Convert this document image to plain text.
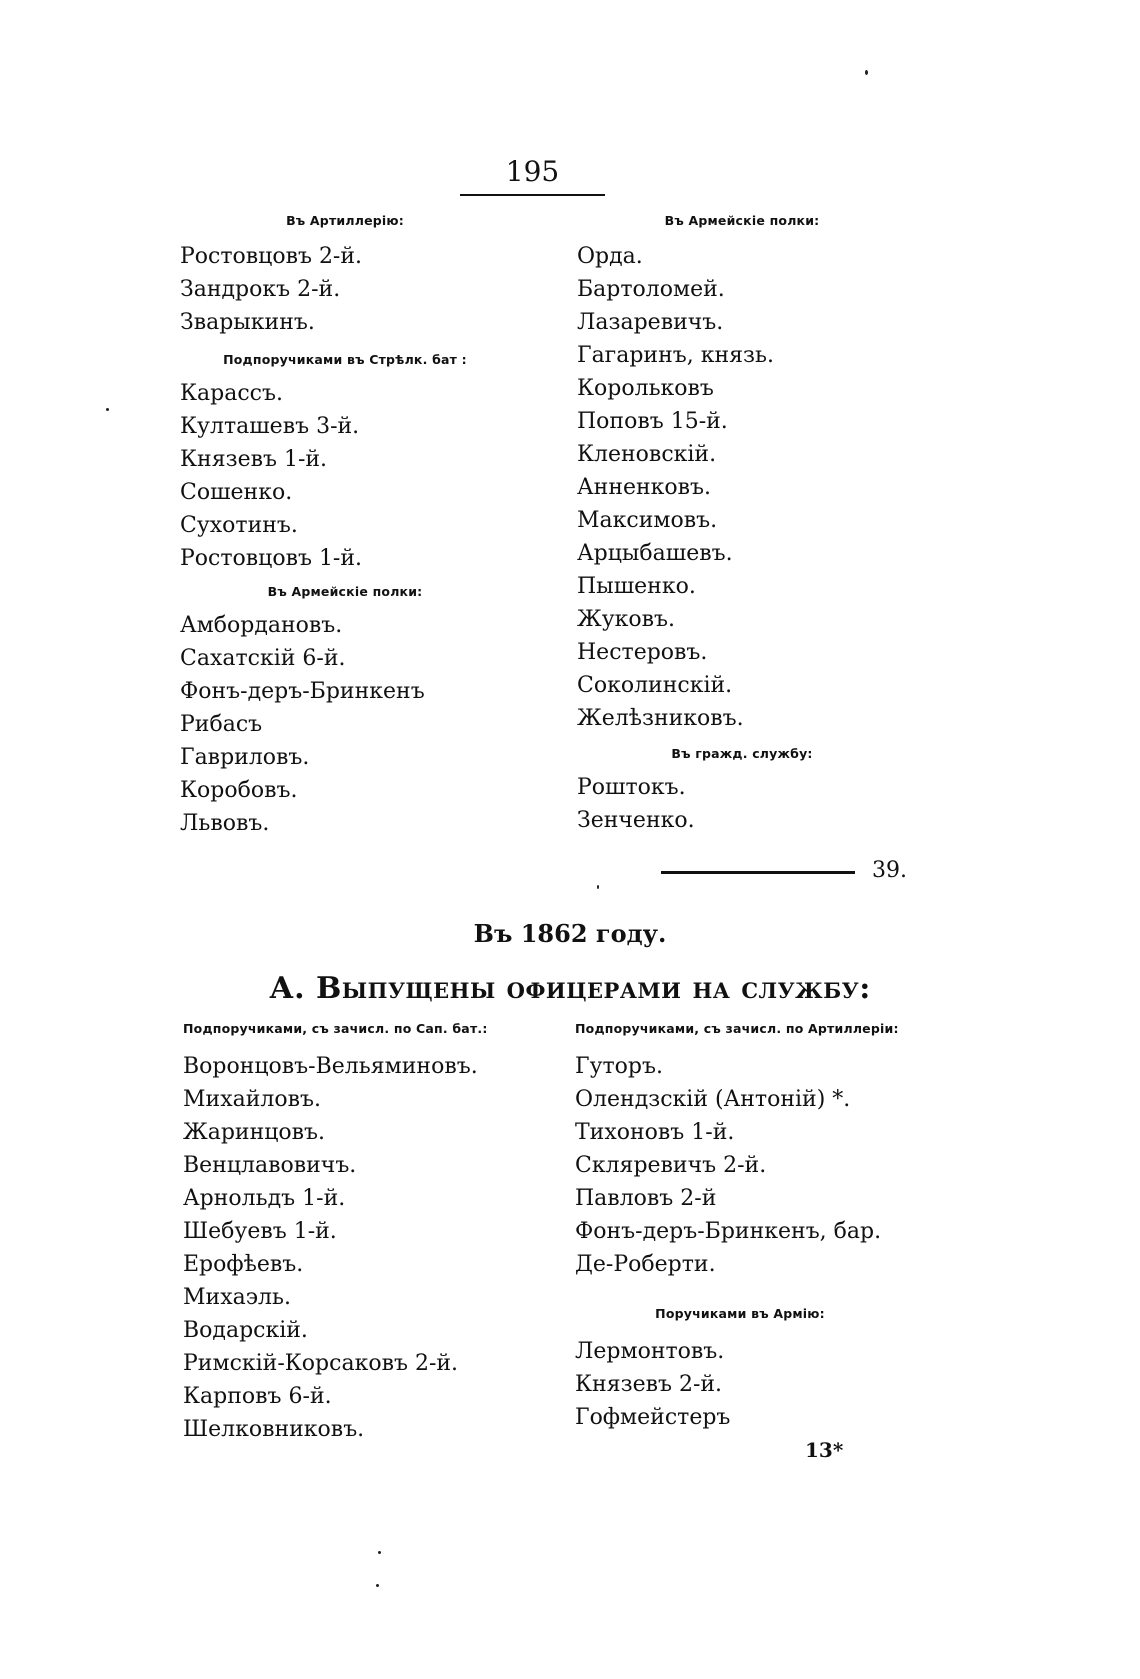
195
Въ Артиллерію:
Ростовцовъ 2-й.
Зандрокъ 2-й.
Зварыкинъ.
Подпоручиками въ Стрѣлк. бат :
Карассъ.
Култашевъ 3-й.
Князевъ 1-й.
Сошенко.
Сухотинъ.
Ростовцовъ 1-й.
Въ Армейскіе полки:
Амбордановъ.
Сахатскій 6-й.
Фонъ-деръ-Бринкенъ
Рибасъ
Гавриловъ.
Коробовъ.
Львовъ.
Въ Армейскіе полки:
Орда.
Бартоломей.
Лазаревичъ.
Гагаринъ, князь.
Корольковъ
Поповъ 15-й.
Кленовскій.
Анненковъ.
Максимовъ.
Арцыбашевъ.
Пышенко.
Жуковъ.
Нестеровъ.
Соколинскій.
Желѣзниковъ.
Въ гражд. службу:
Роштокъ.
Зенченко.
39.
Въ 1862 году.
А. Выпущены офицерами на службу:
Подпоручиками, съ зачисл. по Сап. бат.:
Воронцовъ-Вельяминовъ.
Михайловъ.
Жаринцовъ.
Венцлавовичъ.
Арнольдъ 1-й.
Шебуевъ 1-й.
Ерофѣевъ.
Михаэль.
Водарскій.
Римскій-Корсаковъ 2-й.
Карповъ 6-й.
Шелковниковъ.
Подпоручиками, съ зачисл. по Артиллеріи:
Гуторъ.
Олендзскій (Антоній) *.
Тихоновъ 1-й.
Скляревичъ 2-й.
Павловъ 2-й
Фонъ-деръ-Бринкенъ, бар.
Де-Роберти.
Поручиками въ Армію:
Лермонтовъ.
Князевъ 2-й.
Гофмейстеръ
13*
